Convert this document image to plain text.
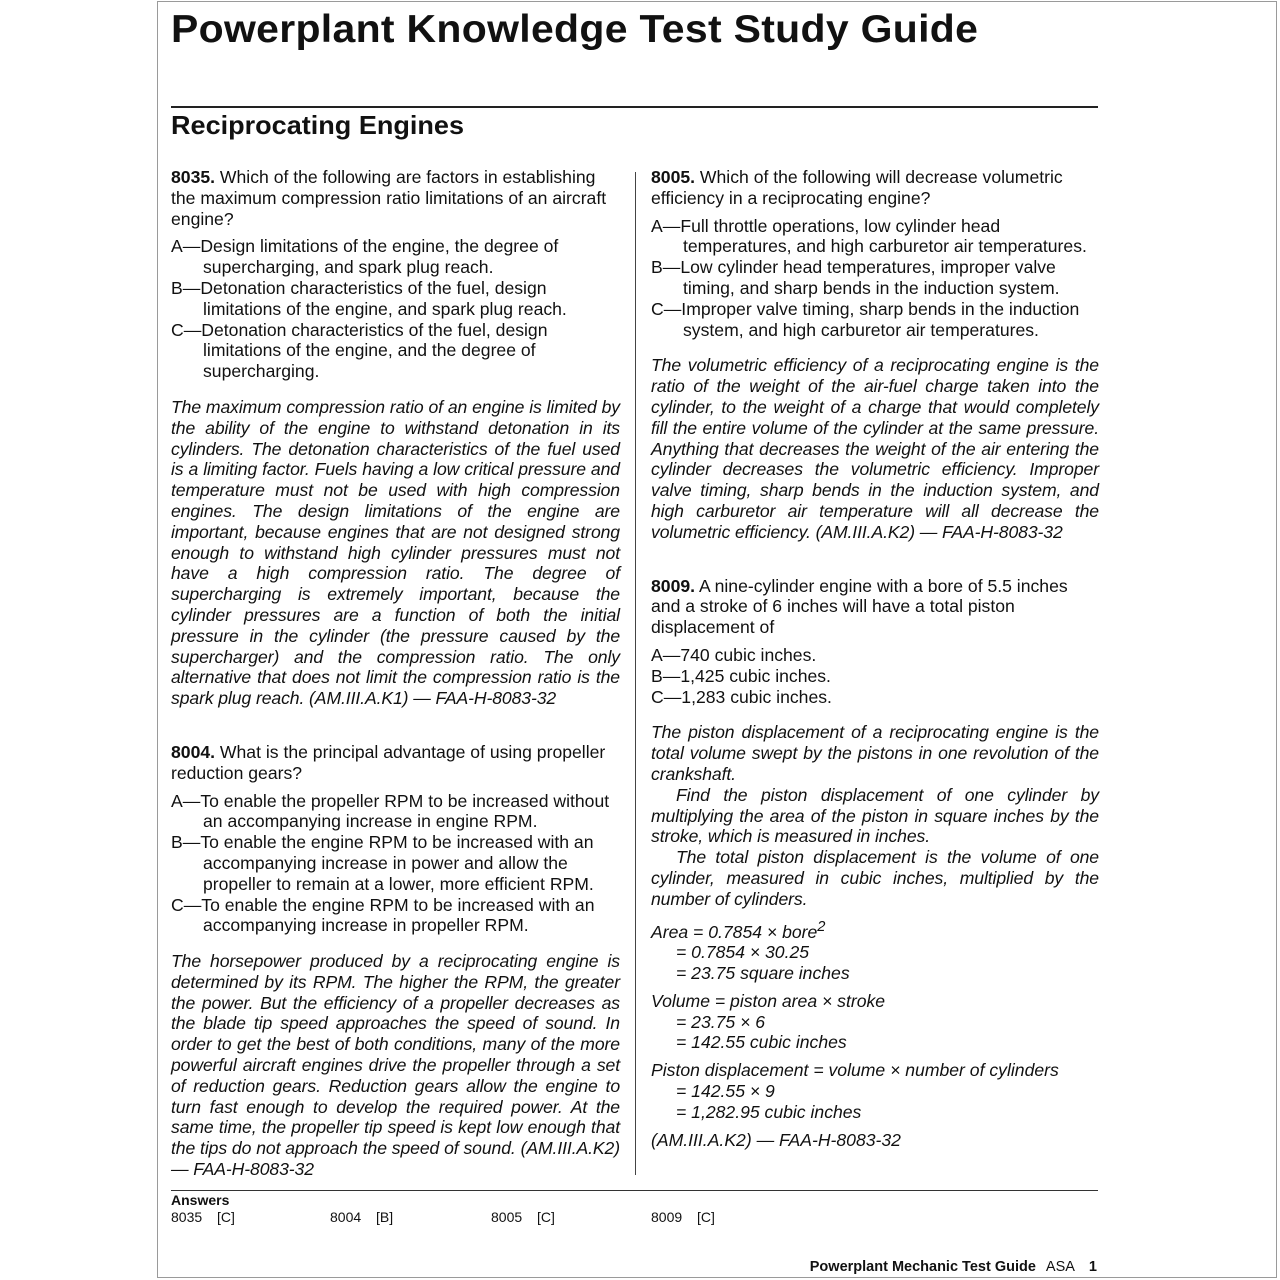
Powerplant Knowledge Test Study Guide
Reciprocating Engines

8035. Which of the following are factors in establishing the maximum compression ratio limitations of an aircraft engine?

A—Design limitations of the engine, the degree of supercharging, and spark plug reach.

B—Detonation characteristics of the fuel, design limitations of the engine, and spark plug reach.

C—Detonation characteristics of the fuel, design limitations of the engine, and the degree of supercharging.

The maximum compression ratio of an engine is limited by the ability of the engine to withstand detonation in its cylinders. The detonation characteristics of the fuel used is a limiting factor. Fuels having a low critical pressure and temperature must not be used with high compression engines. The design limitations of the engine are important, because engines that are not designed strong enough to withstand high cylinder pressures must not have a high compression ratio. The degree of supercharging is extremely important, because the cylinder pressures are a function of both the initial pressure in the cylinder (the pressure caused by the supercharger) and the compression ratio. The only alternative that does not limit the compression ratio is the spark plug reach. (AM.III.A.K1) — FAA-H-8083-32

8004. What is the principal advantage of using propeller reduction gears?

A—To enable the propeller RPM to be increased without an accompanying increase in engine RPM.

B—To enable the engine RPM to be increased with an accompanying increase in power and allow the propeller to remain at a lower, more efficient RPM.

C—To enable the engine RPM to be increased with an accompanying increase in propeller RPM.

The horsepower produced by a reciprocating engine is determined by its RPM. The higher the RPM, the greater the power. But the efficiency of a propeller decreases as the blade tip speed approaches the speed of sound. In order to get the best of both conditions, many of the more powerful aircraft engines drive the propeller through a set of reduction gears. Reduction gears allow the engine to turn fast enough to develop the required power. At the same time, the propeller tip speed is kept low enough that the tips do not approach the speed of sound. (AM.III.A.K2) — FAA-H-8083-32

8005. Which of the following will decrease volumetric efficiency in a reciprocating engine?

A—Full throttle operations, low cylinder head temperatures, and high carburetor air temperatures.

B—Low cylinder head temperatures, improper valve timing, and sharp bends in the induction system.

C—Improper valve timing, sharp bends in the induction system, and high carburetor air temperatures.

The volumetric efficiency of a reciprocating engine is the ratio of the weight of the air-fuel charge taken into the cylinder, to the weight of a charge that would completely fill the entire volume of the cylinder at the same pressure. Anything that decreases the weight of the air entering the cylinder decreases the volumetric efficiency. Improper valve timing, sharp bends in the induction system, and high carburetor air temperature will all decrease the volumetric efficiency. (AM.III.A.K2) — FAA-H-8083-32

8009. A nine-cylinder engine with a bore of 5.5 inches and a stroke of 6 inches will have a total piston displacement of

A—740 cubic inches.

B—1,425 cubic inches.

C—1,283 cubic inches.

The piston displacement of a reciprocating engine is the total volume swept by the pistons in one revolution of the crankshaft.

Find the piston displacement of one cylinder by multiplying the area of the piston in square inches by the stroke, which is measured in inches.

The total piston displacement is the volume of one cylinder, measured in cubic inches, multiplied by the number of cylinders.

Area = 0.7854 × bore$^2$

= 0.7854 × 30.25

= 23.75 square inches

Volume = piston area × stroke

= 23.75 × 6

= 142.55 cubic inches

Piston displacement = volume × number of cylinders

= 142.55 × 9

= 1,282.95 cubic inches

(AM.III.A.K2) — FAA-H-8083-32

Answers
8035 [C]	8004 [B]	8005 [C]	8009 [C]
Powerplant Mechanic Test Guide ASA 1
